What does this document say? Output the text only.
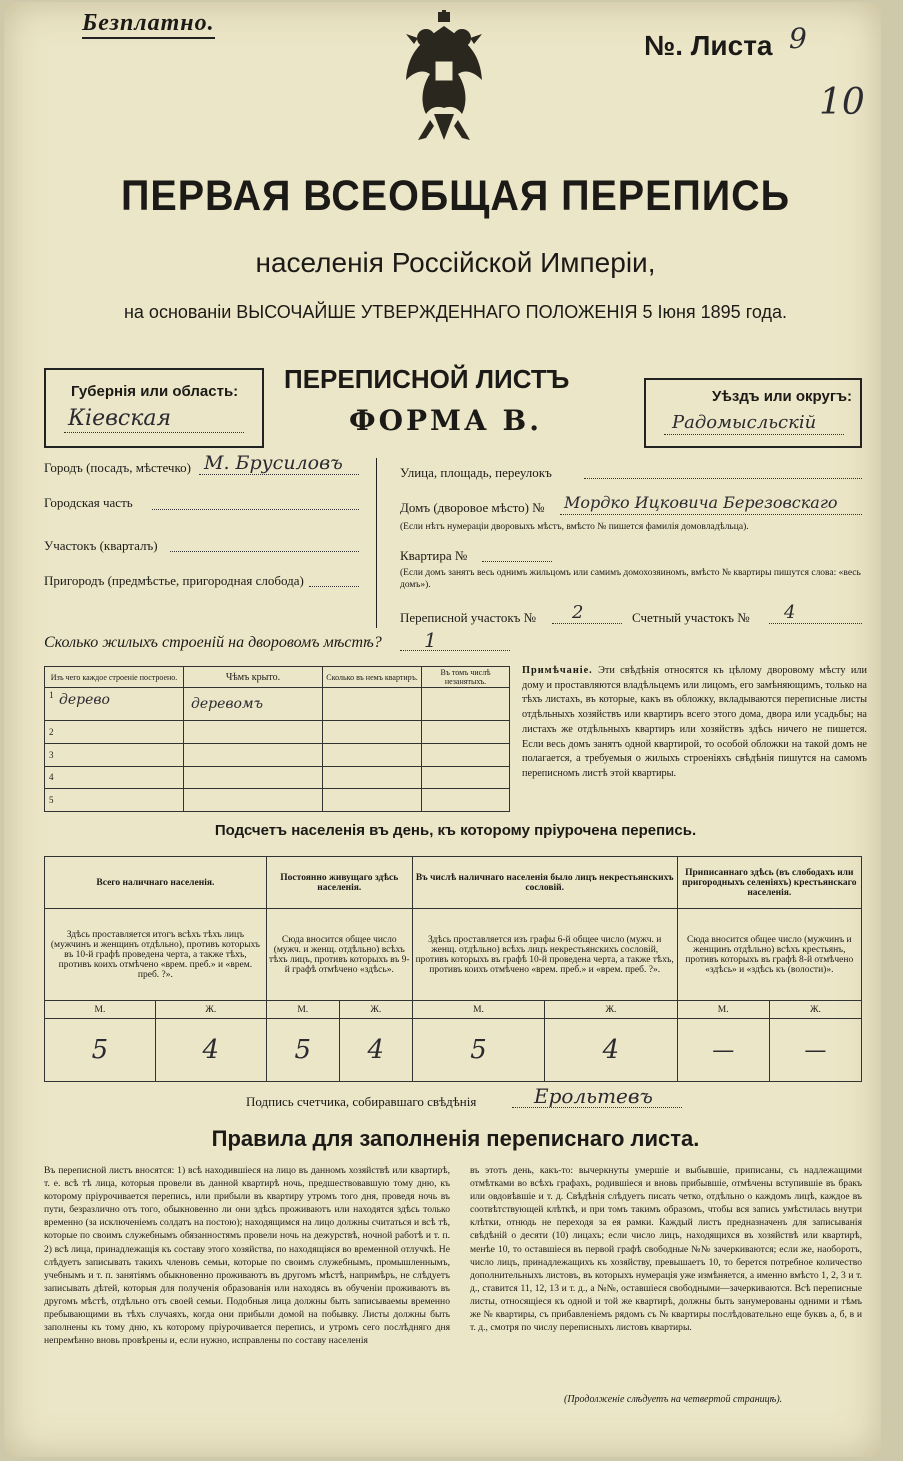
Безплатно.
№. Листа 9
10
ПЕРВАЯ ВСЕОБЩАЯ ПЕРЕПИСЬ
населенія Россійской Имперіи,
на основаніи ВЫСОЧАЙШЕ УТВЕРЖДЕННАГО ПОЛОЖЕНІЯ 5 Іюня 1895 года.
Губернія или область:
Кіевская
ПЕРЕПИСНОЙ ЛИСТЪ
ФОРМА В.
Уѣздъ или округъ:
Радомысльскій
Городъ (посадъ, мѣстечко) М. Брусиловъ
Городская часть
Участокъ (кварталъ)
Пригородъ (предмѣстье, пригородная слобода)
Улица, площадь, переулокъ
Домъ (дворовое мѣсто) № Мордко Ицковича Березовскаго
(Если нѣтъ нумераціи дворовыхъ мѣстъ, вмѣсто № пишется фамилія домовладѣльца).
Квартира №
(Если домъ занятъ весь однимъ жильцомъ или самимъ домохозяиномъ, вмѣсто № квартиры пишутся слова: «весь домъ»).
Переписной участокъ № 2	Счетный участокъ № 4
Сколько жилыхъ строеній на дворовомъ мѣстѣ? 1
Изъ чего каждое строеніе построено.	Чѣмъ крыто.	Сколько въ немъ квартиръ.	Въ томъ числѣ незанятыхъ.

1 дерево	деревомъ		
2			
3			
4			
5			
Примѣчаніе. Эти свѣдѣнія относятся къ цѣлому дворовому мѣсту или дому и проставляются владѣльцемъ или лицомъ, его замѣняющимъ, только на тѣхъ листахъ, въ которые, какъ въ обложку, вкладываются переписные листы отдѣльныхъ хозяйствъ или квартиръ всего этого дома, двора или усадьбы; на листахъ же отдѣльныхъ квартиръ или хозяйствъ здѣсь ничего не пишется. Если весь домъ занятъ одной квартирой, то особой обложки на такой домъ не полагается, а требуемыя о жилыхъ строеніяхъ свѣдѣнія пишутся на самомъ переписномъ листѣ этой квартиры.
Подсчетъ населенія въ день, къ которому пріурочена перепись.
Всего наличнаго населенія.		Постоянно живущаго здѣсь населенія.		Въ числѣ наличнаго населенія было лицъ некрестьянскихъ сословій.		Приписаннаго здѣсь (въ слободахъ или пригородныхъ селеніяхъ) крестьянскаго населенія.	
Здѣсь проставляется итогъ всѣхъ тѣхъ лицъ (мужчинъ и женщинъ отдѣльно), противъ которыхъ въ 10-й графѣ проведена черта, а также тѣхъ, противъ коихъ отмѣчено «врем. преб.» и «врем. преб. ?».		Сюда вносится общее число (мужч. и женщ. отдѣльно) всѣхъ тѣхъ лицъ, противъ которыхъ въ 9-й графѣ отмѣчено «здѣсь».		Здѣсь проставляется изъ графы 6-й общее число (мужч. и женщ. отдѣльно) всѣхъ лицъ некрестьянскихъ сословій, противъ которыхъ въ графѣ 10-й проведена черта, а также тѣхъ, противъ коихъ отмѣчено «врем. преб.» и «врем. преб. ?».		Сюда вносится общее число (мужчинъ и женщинъ отдѣльно) всѣхъ крестьянъ, противъ которыхъ въ графѣ 8-й отмѣчено «здѣсь» и «здѣсь къ (волости)».	
М.	Ж.	М.	Ж.	М.	Ж.	М.	Ж.
5	4	5	4	5	4	—	—
Подпись счетчика, собиравшаго свѣдѣнія	Ерольтевъ
Правила для заполненія переписнаго листа.
Въ переписной листъ вносятся: 1) всѣ находившіеся на лицо въ данномъ хозяйствѣ или квартирѣ, т. е. всѣ тѣ лица, которыя провели въ данной квартирѣ ночь, предшествовавшую тому дню, къ которому пріурочивается перепись, или прибыли въ квартиру утромъ того дня, проведя ночь въ пути, безразлично отъ того, обыкновенно ли они здѣсь проживаютъ или находятся здѣсь только временно (за исключеніемъ солдатъ на постою); находящимся на лицо должны считаться и всѣ тѣ, которые по своимъ служебнымъ обязанностямъ провели ночь на дежурствѣ, ночной работѣ и т. п. 2) всѣ лица, принадлежащія къ составу этого хозяйства, по находящіяся во временной отлучкѣ. Не слѣдуетъ записывать такихъ членовъ семьи, которые по своимъ служебнымъ, промышленнымъ, учебнымъ и т. п. занятіямъ обыкновенно проживаютъ въ другомъ мѣстѣ, напримѣръ, не слѣдуетъ записывать дѣтей, которыя для полученія образованія или находясь въ обученіи проживаютъ въ другомъ мѣстѣ, отдѣльно отъ своей семьи. Подобныя лица должны быть записываемы временно пребывающими въ тѣхъ случаяхъ, когда они прибыли домой на побывку. Листы должны быть заполнены къ тому дню, къ которому пріурочивается перепись, и утромъ сего послѣдняго дня непремѣнно вновь провѣрены и, если нужно, исправлены по составу населенія
въ этотъ день, какъ-то: вычеркнуты умершіе и выбывшіе, приписаны, съ надлежащими отмѣтками во всѣхъ графахъ, родившіеся и вновь прибывшіе, отмѣчены вступившіе въ бракъ или овдовѣвшіе и т. д. Свѣдѣнія слѣдуетъ писать четко, отдѣльно о каждомъ лицѣ, каждое въ соотвѣтствующей клѣткѣ, и при томъ такимъ образомъ, чтобы вся запись умѣстилась внутри клѣтки, отнюдь не переходя за ея рамки. Каждый листъ предназначенъ для записыванія свѣдѣній о десяти (10) лицахъ; если число лицъ, находящихся въ хозяйствѣ или квартирѣ, менѣе 10, то оставшіеся въ первой графѣ свободные №№ зачеркиваются; если же, наоборотъ, число лицъ, принадлежащихъ къ хозяйству, превышаетъ 10, то берется потребное количество дополнительныхъ листовъ, въ которыхъ нумерація уже измѣняется, а именно вмѣсто 1, 2, 3 и т. д., ставится 11, 12, 13 и т. д., а №№, оставшіеся свободными—зачеркиваются. Всѣ переписные листы, относящіеся къ одной и той же квартирѣ, должны быть занумерованы одними и тѣмъ же № квартиры, съ прибавленіемъ рядомъ съ № квартиры послѣдовательно еще буквъ а, б, в и т. д., смотря по числу переписныхъ листовъ квартиры.
(Продолженіе слѣдуетъ на четвертой страницѣ).
